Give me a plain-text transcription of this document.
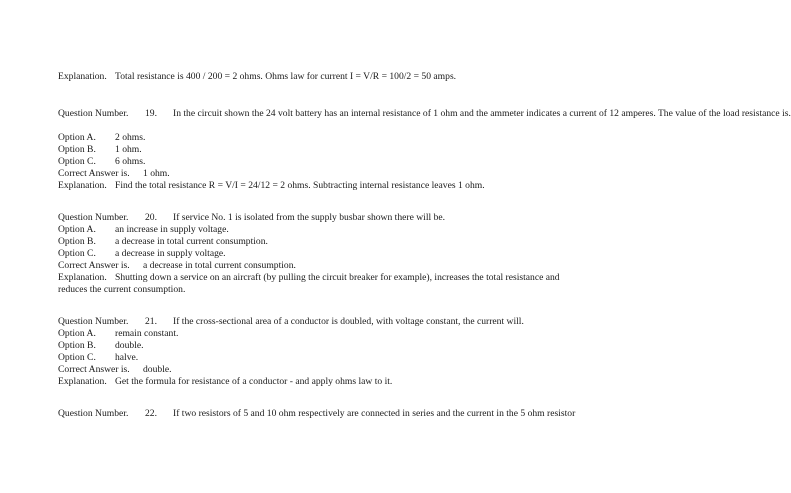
Explanation. Total resistance is 400 / 200 = 2 ohms. Ohms law for current I = V/R = 100/2 = 50 amps.
Question Number. 19. In the circuit shown the 24 volt battery has an internal resistance of 1 ohm and the ammeter indicates a current of 12 amperes. The value of the load resistance is.
Option A. 2 ohms.
Option B. 1 ohm.
Option C. 6 ohms.
Correct Answer is. 1 ohm.
Explanation. Find the total resistance R = V/I = 24/12 = 2 ohms. Subtracting internal resistance leaves 1 ohm.
Question Number. 20. If service No. 1 is isolated from the supply busbar shown there will be.
Option A. an increase in supply voltage.
Option B. a decrease in total current consumption.
Option C. a decrease in supply voltage.
Correct Answer is. a decrease in total current consumption.
Explanation. Shutting down a service on an aircraft (by pulling the circuit breaker for example), increases the total resistance and reduces the current consumption.
Question Number. 21. If the cross-sectional area of a conductor is doubled, with voltage constant, the current will.
Option A. remain constant.
Option B. double.
Option C. halve.
Correct Answer is. double.
Explanation. Get the formula for resistance of a conductor - and apply ohms law to it.
Question Number. 22. If two resistors of 5 and 10 ohm respectively are connected in series and the current in the 5 ohm resistor
